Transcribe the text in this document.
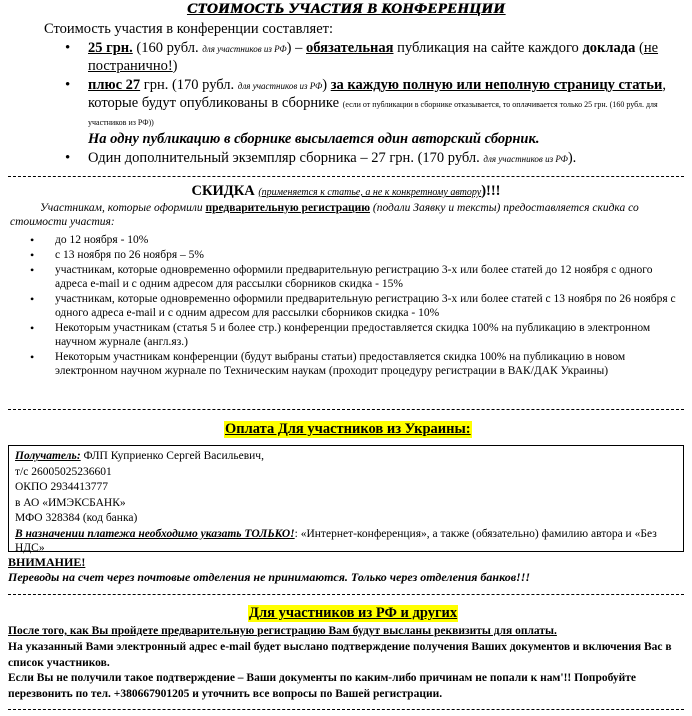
СТОИМОСТЬ УЧАСТИЯ В КОНФЕРЕНЦИИ
Стоимость участия в конференции составляет:
• 25 грн. (160 рубл. для участников из РФ) – обязательная публикация на сайте каждого доклада (не постранично!)
• плюс 27 грн. (170 рубл. для участников из РФ) за каждую полную или неполную страницу статьи, которые будут опубликованы в сборнике (если от публикации в сборнике отказывается, то оплачивается только 25 грн. (160 рубл. для участников из РФ))
На одну публикацию в сборнике высылается один авторский сборник.
• Один дополнительный экземпляр сборника – 27 грн. (170 рубл. для участников из РФ).
СКИДКА (применяется к статье, а не к конкретному автору)!!!
Участникам, которые оформили предварительную регистрацию (подали Заявку и тексты) предоставляется скидка со стоимости участия:
• до 12 ноября - 10%
• с 13 ноября по 26 ноября – 5%
• участникам, которые одновременно оформили предварительную регистрацию 3-х или более статей до 12 ноября с одного адреса e-mail и с одним адресом для рассылки сборников скидка - 15%
• участникам, которые одновременно оформили предварительную регистрацию 3-х или более статей с 13 ноября по 26 ноября с одного адреса e-mail и с одним адресом для рассылки сборников скидка - 10%
• Некоторым участникам (статья 5 и более стр.) конференции предоставляется скидка 100% на публикацию в электронном научном журнале (англ.яз.)
• Некоторым участникам конференции (будут выбраны статьи) предоставляется скидка 100% на публикацию в новом электронном научном журнале по Техническим наукам (проходит процедуру регистрации в ВАК/ДАК Украины)
Оплата Для участников из Украины:
Получатель: ФЛП Куприенко Сергей Васильевич,
т/с 26005025236601
ОКПО 2934413777
в АО «ИМЭКСБАНК»
МФО 328384 (код банка)
В назначении платежа необходимо указать ТОЛЬКО!: «Интернет-конференция», а также (обязательно) фамилию автора и «Без НДС»
ВНИМАНИЕ!
Переводы на счет через почтовые отделения не принимаются. Только через отделения банков!!!
Для участников из РФ и других
После того, как Вы пройдете предварительную регистрацию Вам будут высланы реквизиты для оплаты.
На указанный Вами электронный адрес e-mail будет выслано подтверждение получения Ваших документов и включения Вас в список участников.
Если Вы не получили такое подтверждение – Ваши документы по каким-либо причинам не попали к нам'!! Попробуйте перезвонить по тел. +380667901205 и уточнить все вопросы по Вашей регистрации.
